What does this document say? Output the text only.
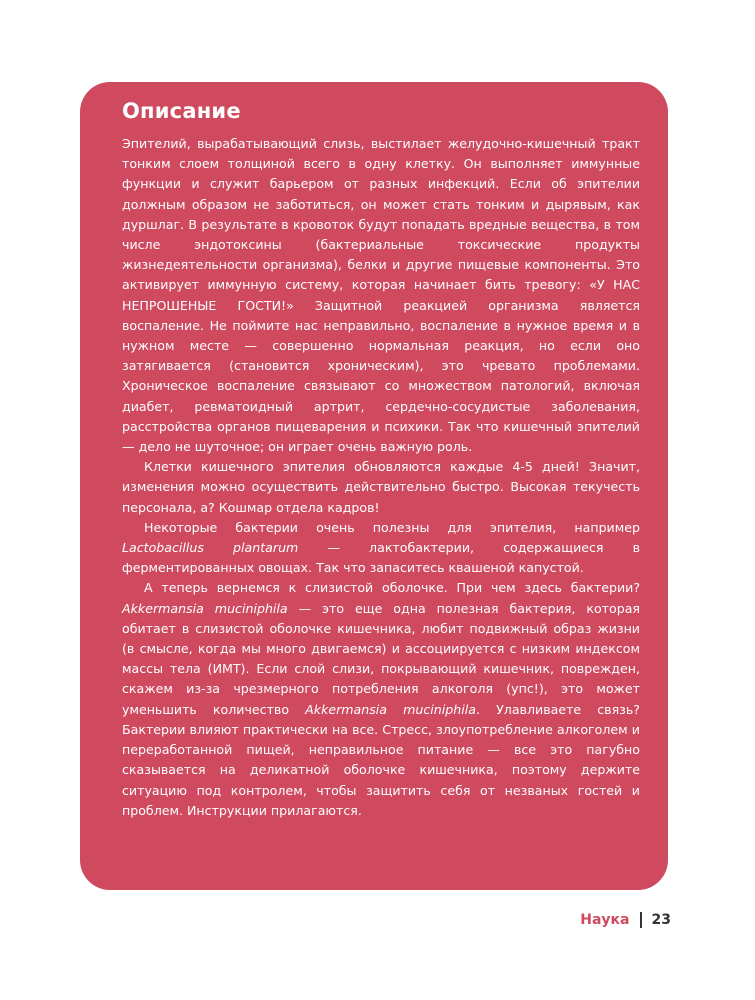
Описание

Эпителий, вырабатывающий слизь, выстилает желудочно-кишечный тракт тонким слоем толщиной всего в одну клетку. Он выполняет иммунные функции и служит барьером от разных инфекций. Если об эпителии должным образом не заботиться, он может стать тонким и дырявым, как дуршлаг. В результате в кровоток будут попадать вредные вещества, в том числе эндотоксины (бактериальные токсические продукты жизнедеятельности организма), белки и другие пищевые компоненты. Это активирует иммунную систему, которая начинает бить тревогу: «У НАС НЕПРОШЕНЫЕ ГОСТИ!» Защитной реакцией организма является воспаление. Не поймите нас неправильно, воспаление в нужное время и в нужном месте — совершенно нормальная реакция, но если оно затягивается (становится хроническим), это чревато проблемами. Хроническое воспаление связывают со множеством патологий, включая диабет, ревматоидный артрит, сердечно-сосудистые заболевания, расстройства органов пищеварения и психики. Так что кишечный эпителий — дело не шуточное; он играет очень важную роль.

Клетки кишечного эпителия обновляются каждые 4-5 дней! Значит, изменения можно осуществить действительно быстро. Высокая текучесть персонала, а? Кошмар отдела кадров!

Некоторые бактерии очень полезны для эпителия, например Lactobacillus plantarum — лактобактерии, содержащиеся в ферментированных овощах. Так что запаситесь квашеной капустой.

А теперь вернемся к слизистой оболочке. При чем здесь бактерии? Akkermansia muciniphila — это еще одна полезная бактерия, которая обитает в слизистой оболочке кишечника, любит подвижный образ жизни (в смысле, когда мы много двигаемся) и ассоциируется с низким индексом массы тела (ИМТ). Если слой слизи, покрывающий кишечник, поврежден, скажем из-за чрезмерного потребления алкоголя (упс!), это может уменьшить количество Akkermansia muciniphila. Улавливаете связь? Бактерии влияют практически на все. Стресс, злоупотребление алкоголем и переработанной пищей, неправильное питание — все это пагубно сказывается на деликатной оболочке кишечника, поэтому держите ситуацию под контролем, чтобы защитить себя от незваных гостей и проблем. Инструкции прилагаются.

Наука 23
